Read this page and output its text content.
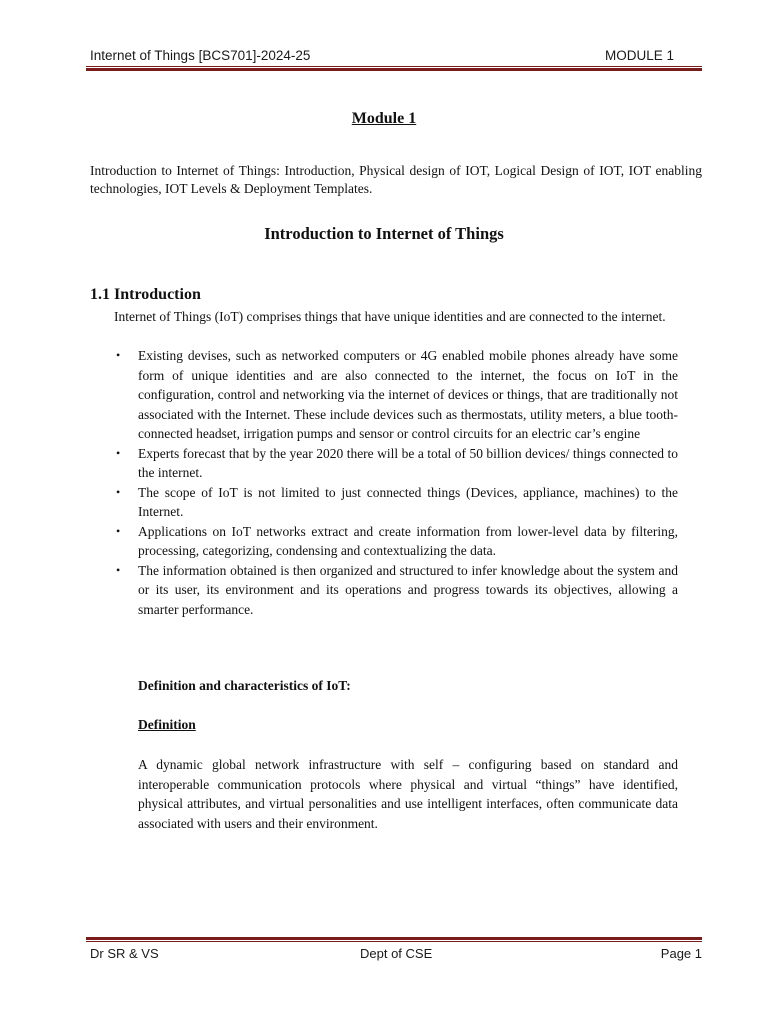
Internet of Things [BCS701]-2024-25	MODULE 1
Module 1
Introduction to Internet of Things: Introduction, Physical design of IOT, Logical Design of IOT, IOT enabling technologies, IOT Levels & Deployment Templates.
Introduction to Internet of Things
1.1 Introduction
Internet of Things (IoT) comprises things that have unique identities and are connected to the internet.
• Existing devises, such as networked computers or 4G enabled mobile phones already have some form of unique identities and are also connected to the internet, the focus on IoT in the configuration, control and networking via the internet of devices or things, that are traditionally not associated with the Internet. These include devices such as thermostats, utility meters, a blue tooth- connected headset, irrigation pumps and sensor or control circuits for an electric car’s engine
• Experts forecast that by the year 2020 there will be a total of 50 billion devices/ things connected to the internet.
• The scope of IoT is not limited to just connected things (Devices, appliance, machines) to the Internet.
• Applications on IoT networks extract and create information from lower-level data by filtering, processing, categorizing, condensing and contextualizing the data.
• The information obtained is then organized and structured to infer knowledge about the system and or its user, its environment and its operations and progress towards its objectives, allowing a smarter performance.
Definition and characteristics of IoT:
Definition
A dynamic global network infrastructure with self – configuring based on standard and interoperable communication protocols where physical and virtual “things” have identified, physical attributes, and virtual personalities and use intelligent interfaces, often communicate data associated with users and their environment.
Dr SR & VS	Dept of CSE	Page 1
